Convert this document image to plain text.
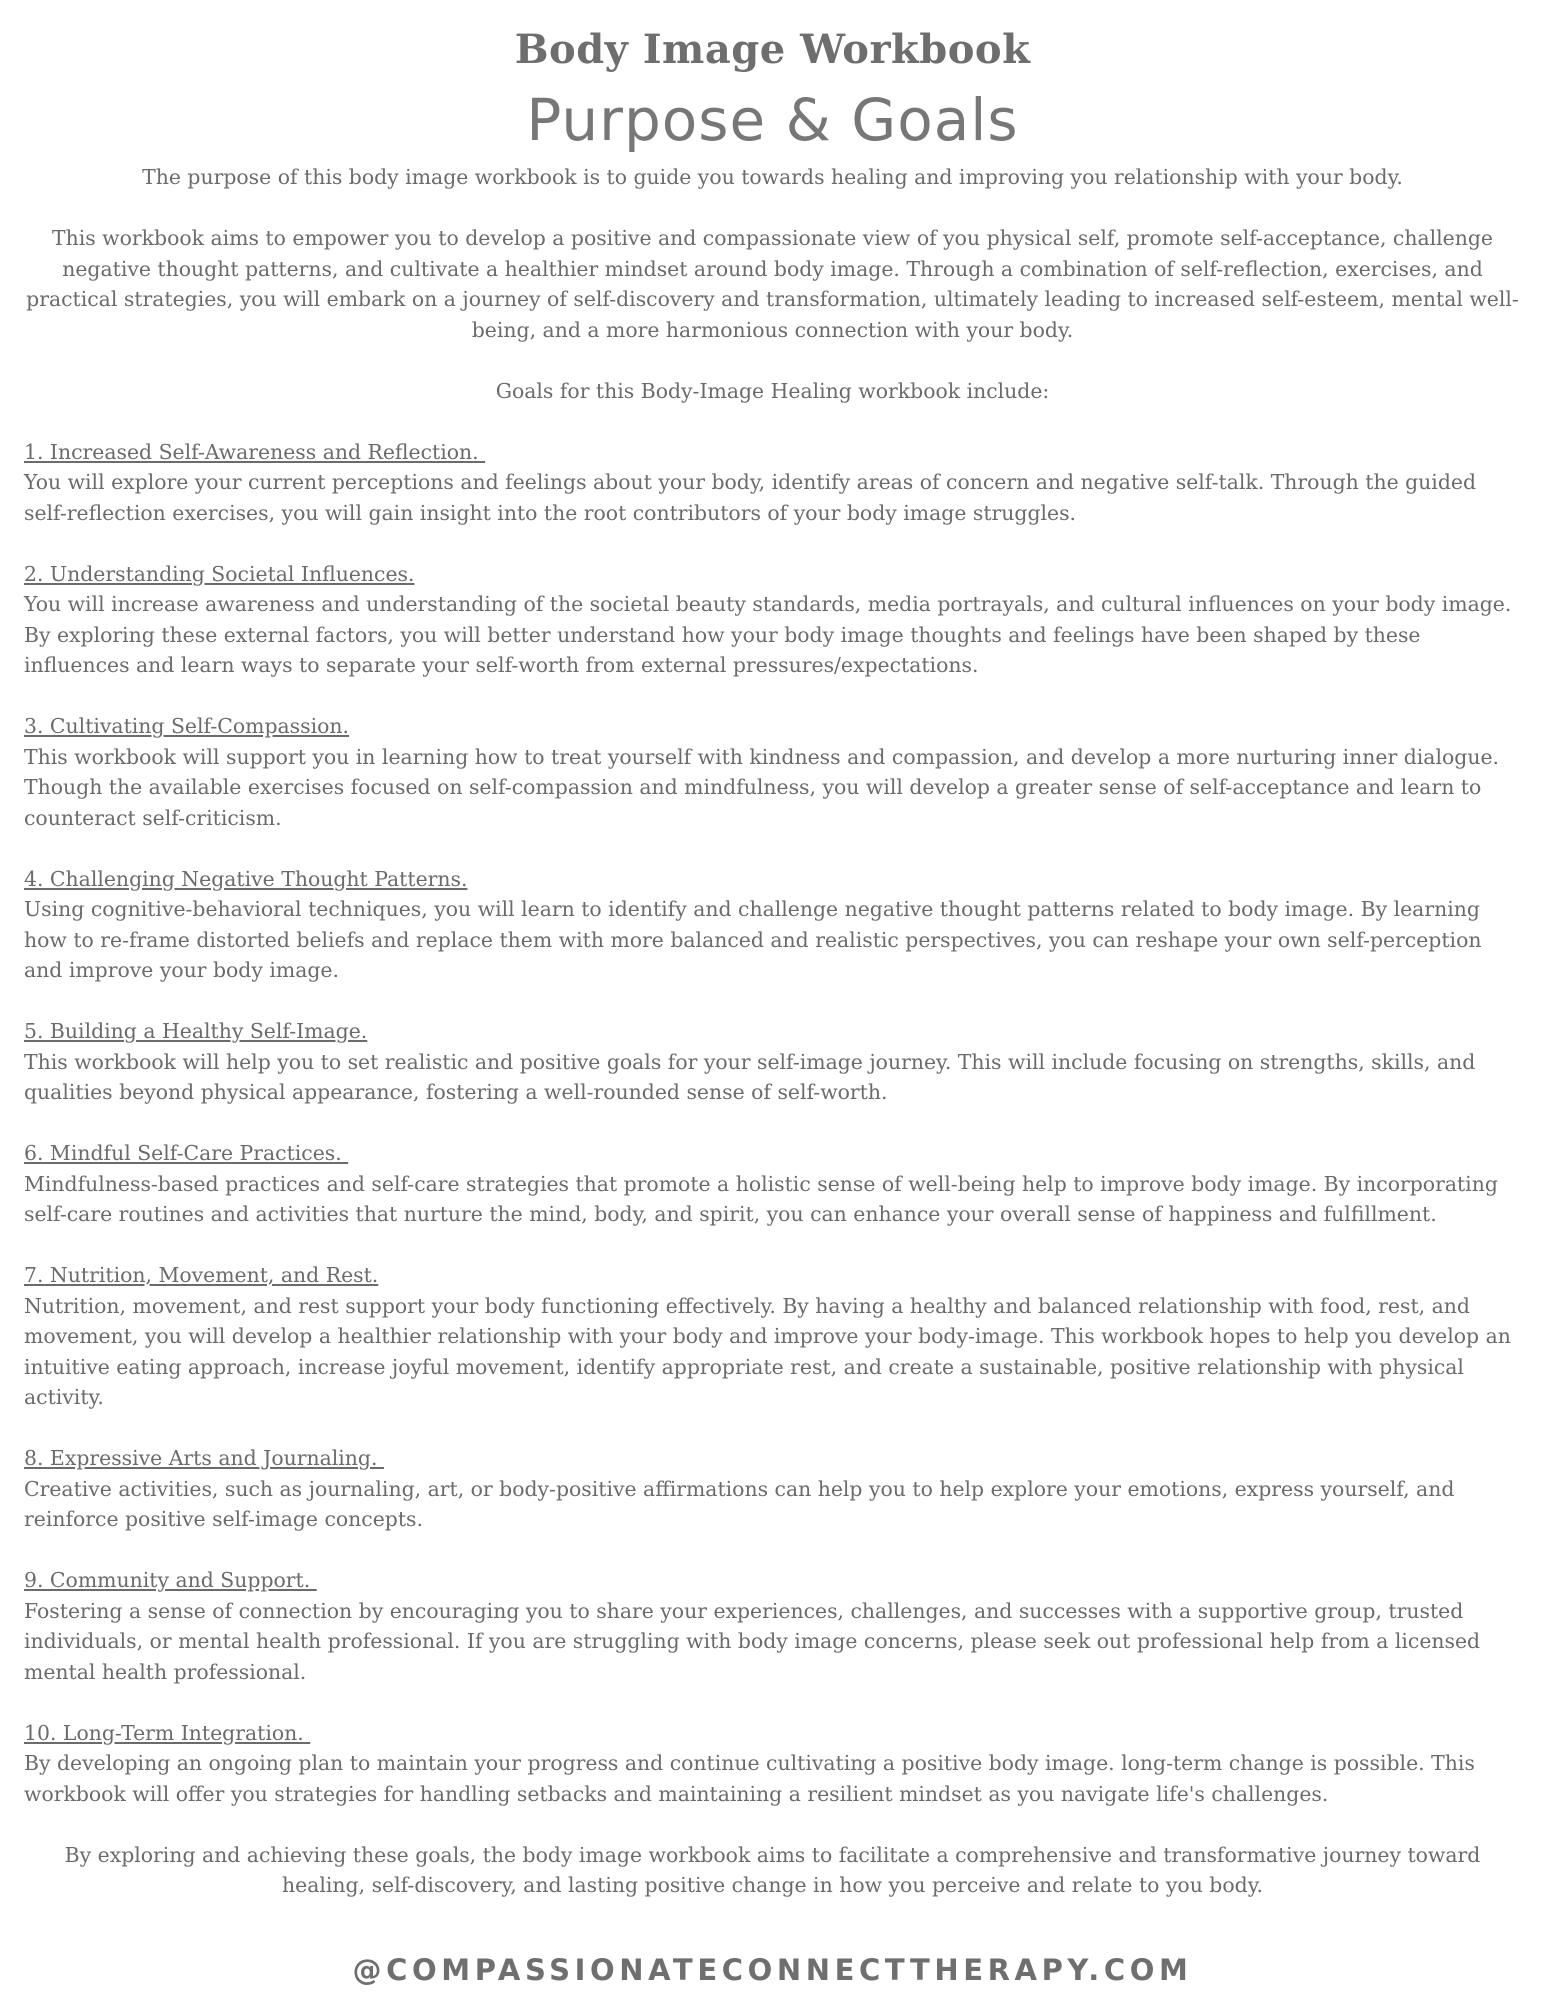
Body Image Workbook
Purpose & Goals

The purpose of this body image workbook is to guide you towards healing and improving you relationship with your body.

This workbook aims to empower you to develop a positive and compassionate view of you physical self, promote self-acceptance, challenge negative thought patterns, and cultivate a healthier mindset around body image. Through a combination of self-reflection, exercises, and practical strategies, you will embark on a journey of self-discovery and transformation, ultimately leading to increased self-esteem, mental well-being, and a more harmonious connection with your body.

Goals for this Body-Image Healing workbook include:

1. Increased Self-Awareness and Reflection.

You will explore your current perceptions and feelings about your body, identify areas of concern and negative self-talk. Through the guided self-reflection exercises, you will gain insight into the root contributors of your body image struggles.

2. Understanding Societal Influences.

You will increase awareness and understanding of the societal beauty standards, media portrayals, and cultural influences on your body image. By exploring these external factors, you will better understand how your body image thoughts and feelings have been shaped by these influences and learn ways to separate your self-worth from external pressures/expectations.

3. Cultivating Self-Compassion.

This workbook will support you in learning how to treat yourself with kindness and compassion, and develop a more nurturing inner dialogue. Though the available exercises focused on self-compassion and mindfulness, you will develop a greater sense of self-acceptance and learn to counteract self-criticism.

4. Challenging Negative Thought Patterns.

Using cognitive-behavioral techniques, you will learn to identify and challenge negative thought patterns related to body image. By learning how to re-frame distorted beliefs and replace them with more balanced and realistic perspectives, you can reshape your own self-perception and improve your body image.

5. Building a Healthy Self-Image.

This workbook will help you to set realistic and positive goals for your self-image journey. This will include focusing on strengths, skills, and qualities beyond physical appearance, fostering a well-rounded sense of self-worth.

6. Mindful Self-Care Practices.

Mindfulness-based practices and self-care strategies that promote a holistic sense of well-being help to improve body image. By incorporating self-care routines and activities that nurture the mind, body, and spirit, you can enhance your overall sense of happiness and fulfillment.

7. Nutrition, Movement, and Rest.

Nutrition, movement, and rest support your body functioning effectively. By having a healthy and balanced relationship with food, rest, and movement, you will develop a healthier relationship with your body and improve your body-image. This workbook hopes to help you develop an intuitive eating approach, increase joyful movement, identify appropriate rest, and create a sustainable, positive relationship with physical activity.

8. Expressive Arts and Journaling.

Creative activities, such as journaling, art, or body-positive affirmations can help you to help explore your emotions, express yourself, and reinforce positive self-image concepts.

9. Community and Support.

Fostering a sense of connection by encouraging you to share your experiences, challenges, and successes with a supportive group, trusted individuals, or mental health professional. If you are struggling with body image concerns, please seek out professional help from a licensed mental health professional.

10. Long-Term Integration.

By developing an ongoing plan to maintain your progress and continue cultivating a positive body image. long-term change is possible. This workbook will offer you strategies for handling setbacks and maintaining a resilient mindset as you navigate life's challenges.

By exploring and achieving these goals, the body image workbook aims to facilitate a comprehensive and transformative journey toward healing, self-discovery, and lasting positive change in how you perceive and relate to you body.

@COMPASSIONATECONNECTTHERAPY.COM
